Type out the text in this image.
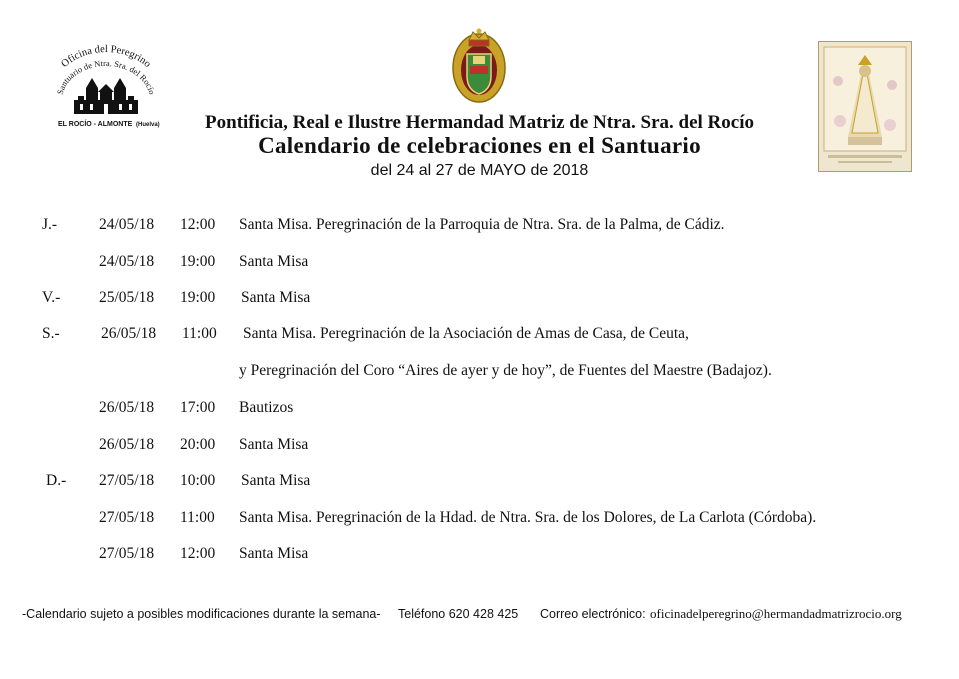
Oficina del Peregrino
Santuario de Ntra. Sra. del Rocío
EL ROCÍO - ALMONTE (Huelva)	Pontificia, Real e Ilustre Hermandad Matriz de Ntra. Sra. del Rocío
Calendario de celebraciones en el Santuario
del 24 al 27 de MAYO de 2018
J.-	24/05/18 12:00 Santa Misa. Peregrinación de la Parroquia de Ntra. Sra. de la Palma, de Cádiz.
24/05/18 19:00 Santa Misa
V.-	25/05/18 19:00 Santa Misa
S.-	26/05/18 11:00 Santa Misa. Peregrinación de la Asociación de Amas de Casa, de Ceuta,
y Peregrinación del Coro “Aires de ayer y de hoy”, de Fuentes del Maestre (Badajoz).
26/05/18 17:00 Bautizos
26/05/18 20:00 Santa Misa
D.- 27/05/18 10:00 Santa Misa
27/05/18 11:00 Santa Misa. Peregrinación de la Hdad. de Ntra. Sra. de los Dolores, de La Carlota (Córdoba).
27/05/18 12:00 Santa Misa
-Calendario sujeto a posibles modificaciones durante la semana- Teléfono 620 428 425 Correo electrónico: oficinadelperegrino@hermandadmatrizrocio.org
